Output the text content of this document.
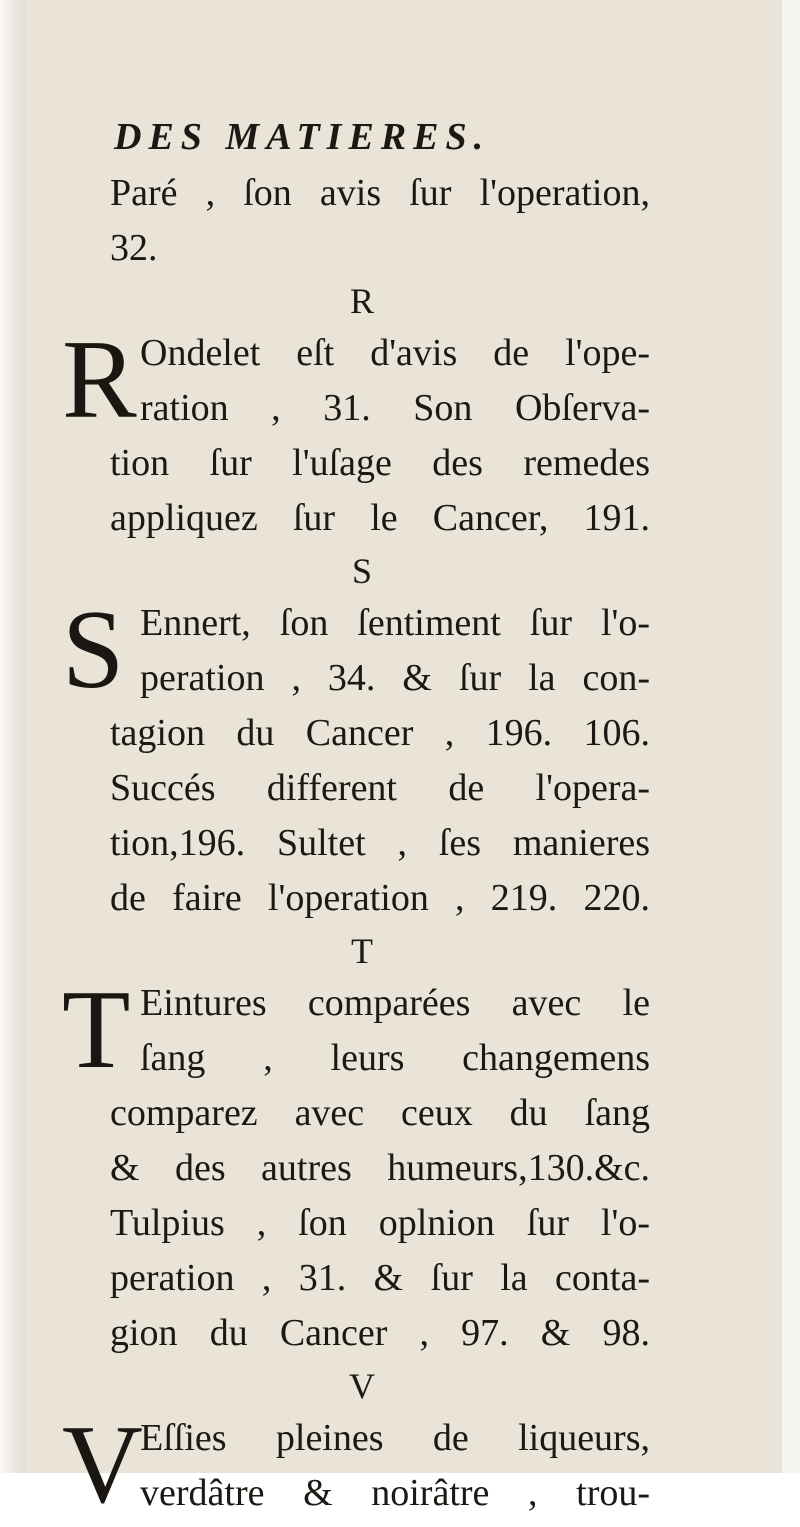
DES MATIERES.
Paré , ſon avis ſur l'operation,
32.
R
R Ondelet eſt d'avis de l'ope-
ration , 31. Son Obſerva-
tion ſur l'uſage des remedes
appliquez ſur le Cancer, 191.
S
S Ennert, ſon ſentiment ſur l'o-
peration , 34. & ſur la con-
tagion du Cancer , 196. 106.
Succés different de l'opera-
tion,196. Sultet , ſes manieres
de faire l'operation , 219. 220.
T
T Eintures comparées avec le
ſang , leurs changemens
comparez avec ceux du ſang
& des autres humeurs,130.&c.
Tulpius , ſon oplnion ſur l'o-
peration , 31. & ſur la conta-
gion du Cancer , 97. & 98.
V
V
Eſſies pleines de liqueurs,
verdâtre & noirâtre , trou-
